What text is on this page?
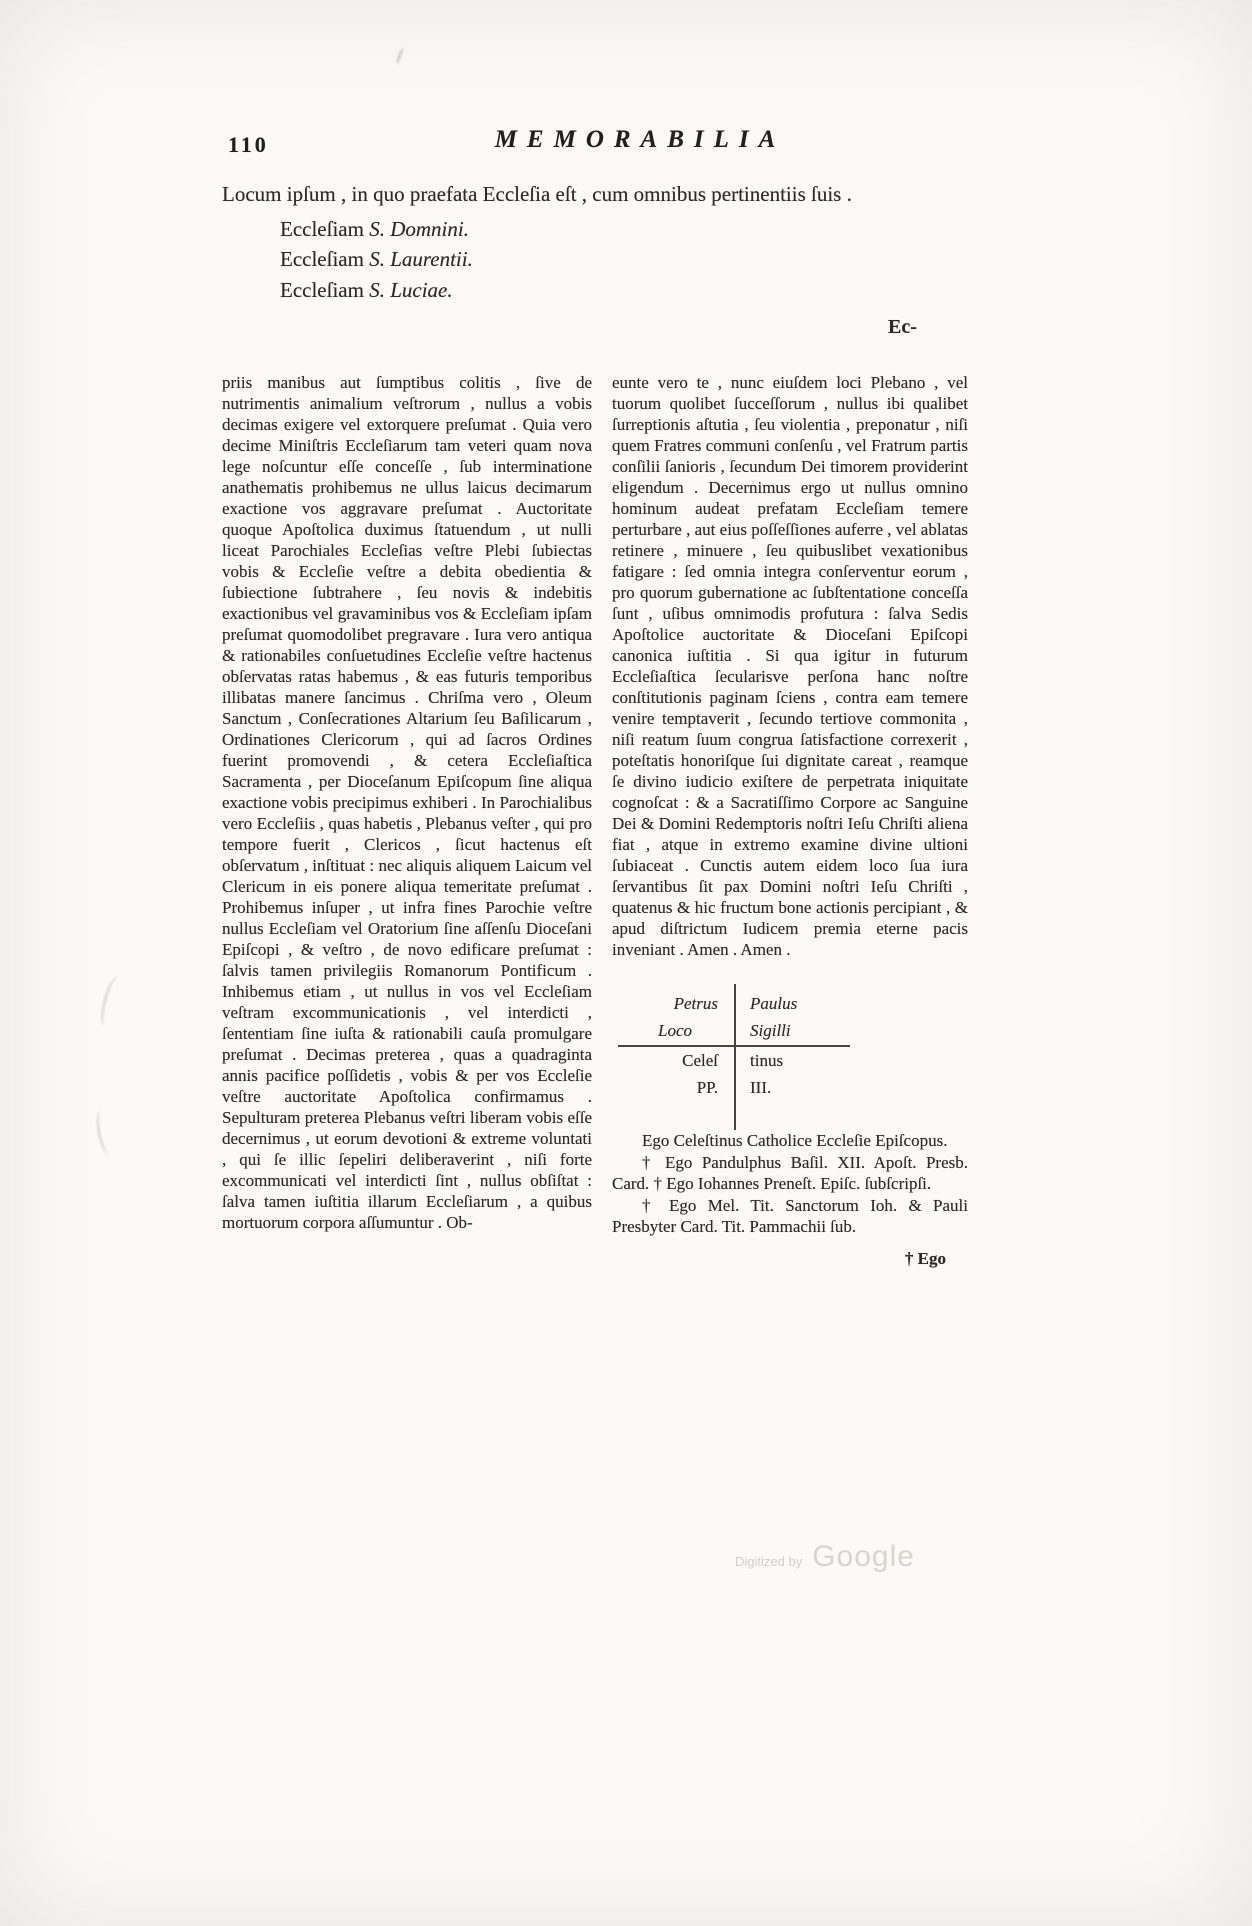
110	MEMORABILIA

Locum ipſum , in quo praefata Eccleſia eſt , cum omnibus pertinentiis ſuis .

Eccleſiam S. Domnini.
Eccleſiam S. Laurentii.
Eccleſiam S. Luciae.
Ec-

priis manibus aut ſumptibus colitis , ſive de nutrimentis animalium veſtrorum , nullus a vobis decimas exigere vel extorquere preſumat . Quia vero decime Miniſtris Eccleſiarum tam veteri quam nova lege noſcuntur eſſe conceſſe , ſub interminatione anathematis prohibemus ne ullus laicus decimarum exactione vos aggravare preſumat . Auctoritate quoque Apoſtolica duximus ſtatuendum , ut nulli liceat Parochiales Eccleſias veſtre Plebi ſubiectas vobis & Eccleſie veſtre a debita obedientia & ſubiectione ſubtrahere , ſeu novis & indebitis exactionibus vel gravaminibus vos & Eccleſiam ipſam preſumat quomodolibet pregravare . Iura vero antiqua & rationabiles conſuetudines Eccleſie veſtre hactenus obſervatas ratas habemus , & eas futuris temporibus illibatas manere ſancimus . Chriſma vero , Oleum Sanctum , Conſecrationes Altarium ſeu Baſilicarum , Ordinationes Clericorum , qui ad ſacros Ordines fuerint promovendi , & cetera Eccleſiaſtica Sacramenta , per Dioceſanum Epiſcopum ſine aliqua exactione vobis precipimus exhiberi . In Parochialibus vero Eccleſiis , quas habetis , Plebanus veſter , qui pro tempore fuerit , Clericos , ſicut hactenus eſt obſervatum , inſtituat : nec aliquis aliquem Laicum vel Clericum in eis ponere aliqua temeritate preſumat . Prohibemus inſuper , ut infra fines Parochie veſtre nullus Eccleſiam vel Oratorium ſine aſſenſu Dioceſani Epiſcopi , & veſtro , de novo edificare preſumat : ſalvis tamen privilegiis Romanorum Pontificum . Inhibemus etiam , ut nullus in vos vel Eccleſiam veſtram excommunicationis , vel interdicti , ſententiam ſine iuſta & rationabili cauſa promulgare preſumat . Decimas preterea , quas a quadraginta annis pacifice poſſidetis , vobis & per vos Eccleſie veſtre auctoritate Apoſtolica confirmamus . Sepulturam preterea Plebanus veſtri liberam vobis eſſe decernimus , ut eorum devotioni & extreme voluntati , qui ſe illic ſepeliri deliberaverint , niſi forte excommunicati vel interdicti ſint , nullus obſiſtat : ſalva tamen iuſtitia illarum Eccleſiarum , a quibus mortuorum corpora aſſumuntur . Ob-

eunte vero te , nunc eiuſdem loci Plebano , vel tuorum quolibet ſucceſſorum , nullus ibi qualibet ſurreptionis aſtutia , ſeu violentia , preponatur , niſi quem Fratres communi conſenſu , vel Fratrum partis conſilii ſanioris , ſecundum Dei timorem providerint eligendum . Decernimus ergo ut nullus omnino hominum audeat prefatam Eccleſiam temere perturbare , aut eius poſſeſſiones auferre , vel ablatas retinere , minuere , ſeu quibuslibet vexationibus fatigare : ſed omnia integra conſerventur eorum , pro quorum gubernatione ac ſubſtentatione conceſſa ſunt , uſibus omnimodis profutura : ſalva Sedis Apoſtolice auctoritate & Dioceſani Epiſcopi canonica iuſtitia . Si qua igitur in futurum Eccleſiaſtica ſecularisve perſona hanc noſtre conſtitutionis paginam ſciens , contra eam temere venire temptaverit , ſecundo tertiove commonita , niſi reatum ſuum congrua ſatisfactione correxerit , poteſtatis honoriſque ſui dignitate careat , reamque ſe divino iudicio exiſtere de perpetrata iniquitate cognoſcat : & a Sacratiſſimo Corpore ac Sanguine Dei & Domini Redemptoris noſtri Ieſu Chriſti aliena fiat , atque in extremo examine divine ultioni ſubiaceat . Cunctis autem eidem loco ſua iura ſervantibus ſit pax Domini noſtri Ieſu Chriſti , quatenus & hic fructum bone actionis percipiant , & apud diſtrictum Iudicem premia eterne pacis inveniant . Amen . Amen .

Petrus	Paulus
Loco	Sigilli
Celeſ	tinus
PP.	III.

Ego Celeſtinus Catholice Eccleſie Epiſcopus.

† Ego Pandulphus Baſil. XII. Apoſt. Presb. Card. † Ego Iohannes Preneſt. Epiſc. ſubſcripſi.

† Ego Mel. Tit. Sanctorum Ioh. & Pauli Presbyter Card. Tit. Pammachii ſub.

† Ego
Digitized by Google
